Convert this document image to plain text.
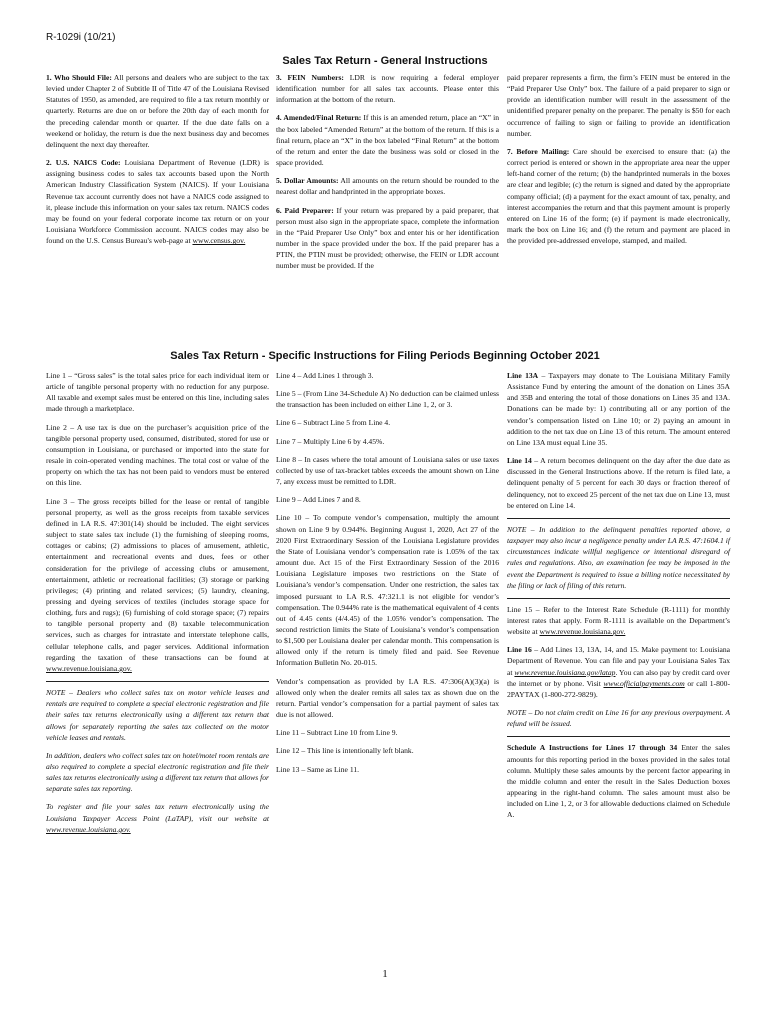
R-1029i (10/21)
Sales Tax Return - General Instructions

1. Who Should File: All persons and dealers who are subject to the tax levied under Chapter 2 of Subtitle II of Title 47 of the Louisiana Revised Statutes of 1950, as amended, are required to file a tax return monthly or quarterly. Returns are due on or before the 20th day of each month for the preceding calendar month or quarter. If the due date falls on a weekend or holiday, the return is due the next business day and becomes delinquent the next day thereafter.

2. U.S. NAICS Code: Louisiana Department of Revenue (LDR) is assigning business codes to sales tax accounts based upon the North American Industry Classification System (NAICS). If your Louisiana Revenue tax account currently does not have a NAICS code assigned to it, please include this information on your sales tax return. NAICS codes may be found on your federal corporate income tax return or on your Louisiana Workforce Commission account. NAICS codes may also be found on the U.S. Census Bureau's web-page at www.census.gov.

3. FEIN Numbers: LDR is now requiring a federal employer identification number for all sales tax accounts. Please enter this information at the bottom of the return.

4. Amended/Final Return: If this is an amended return, place an “X” in the box labeled “Amended Return” at the bottom of the return. If this is a final return, place an “X” in the box labeled “Final Return” at the bottom of the return and enter the date the business was sold or closed in the space provided.

5. Dollar Amounts: All amounts on the return should be rounded to the nearest dollar and handprinted in the appropriate boxes.

6. Paid Preparer: If your return was prepared by a paid preparer, that person must also sign in the appropriate space, complete the information in the “Paid Preparer Use Only” box and enter his or her identification number in the space provided under the box. If the paid preparer has a PTIN, the PTIN must be provided; otherwise, the FEIN or LDR account number must be provided. If the

paid preparer represents a firm, the firm’s FEIN must be entered in the “Paid Preparer Use Only” box. The failure of a paid preparer to sign or provide an identification number will result in the assessment of the unidentified preparer penalty on the preparer. The penalty is $50 for each occurrence of failing to sign or failing to provide an identification number.

7. Before Mailing: Care should be exercised to ensure that: (a) the correct period is entered or shown in the appropriate area near the upper left-hand corner of the return; (b) the handprinted numerals in the boxes are clear and legible; (c) the return is signed and dated by the appropriate company official; (d) a payment for the exact amount of tax, penalty, and interest accompanies the return and that this payment amount is properly entered on Line 16 of the form; (e) if payment is made electronically, mark the box on Line 16; and (f) the return and payment are placed in the provided pre-addressed envelope, stamped, and mailed.

Sales Tax Return - Specific Instructions for Filing Periods Beginning October 2021

Line 1 – “Gross sales” is the total sales price for each individual item or article of tangible personal property with no reduction for any purpose. All taxable and exempt sales must be entered on this line, including sales made through a marketplace.

Line 2 – A use tax is due on the purchaser’s acquisition price of the tangible personal property used, consumed, distributed, stored for use or consumption in Louisiana, or purchased or imported into the state for resale in coin-operated vending machines. The total cost or value of the property on which the tax has not been paid to vendors must be entered on this line.

Line 3 – The gross receipts billed for the lease or rental of tangible personal property, as well as the gross receipts from taxable services defined in LA R.S. 47:301(14) should be included. The eight services subject to state sales tax include (1) the furnishing of sleeping rooms, cottages or cabins; (2) admissions to places of amusement, athletic, entertainment and recreational events and dues, fees or other consideration for the privilege of accessing clubs or amusement, entertainment, athletic or recreational facilities; (3) storage or parking privileges; (4) printing and related services; (5) laundry, cleaning, pressing and dyeing services of textiles (includes storage space for clothing, furs and rugs); (6) furnishing of cold storage space; (7) repairs to tangible personal property and (8) taxable telecommunication services, such as charges for intrastate and interstate telephone calls, cellular telephone calls, and pager services. Additional information regarding the taxation of these transactions can be found at www.revenue.louisiana.gov.

NOTE – Dealers who collect sales tax on motor vehicle leases and rentals are required to complete a special electronic registration and file their sales tax returns electronically using a different tax return that allows for separately reporting the sales tax collected on the motor vehicle leases and rentals.

In addition, dealers who collect sales tax on hotel/motel room rentals are also required to complete a special electronic registration and file their sales tax returns electronically using a different tax return that allows for separate sales tax reporting.

To register and file your sales tax return electronically using the Louisiana Taxpayer Access Point (LaTAP), visit our website at www.revenue.louisiana.gov.

Line 4 – Add Lines 1 through 3.

Line 5 – (From Line 34-Schedule A) No deduction can be claimed unless the transaction has been included on either Line 1, 2, or 3.

Line 6 – Subtract Line 5 from Line 4.

Line 7 – Multiply Line 6 by 4.45%.

Line 8 – In cases where the total amount of Louisiana sales or use taxes collected by use of tax-bracket tables exceeds the amount shown on Line 7, any excess must be remitted to LDR.

Line 9 – Add Lines 7 and 8.

Line 10 – To compute vendor’s compensation, multiply the amount shown on Line 9 by 0.944%. Beginning August 1, 2020, Act 27 of the 2020 First Extraordinary Session of the Louisiana Legislature provides the State of Louisiana vendor’s compensation rate is 1.05% of the tax amount due. Act 15 of the First Extraordinary Session of the 2016 Louisiana Legislature imposes two restrictions on the State of Louisiana’s vendor’s compensation. Under one restriction, the sales tax imposed pursuant to LA R.S. 47:321.1 is not eligible for vendor’s compensation. The 0.944% rate is the mathematical equivalent of 4 cents out of 4.45 cents (4/4.45) of the 1.05% vendor’s compensation. The second restriction limits the State of Louisiana’s vendor’s compensation to $1,500 per Louisiana dealer per calendar month. This compensation is allowed only if the return is timely filed and paid. See Revenue Information Bulletin No. 20-015.

Vendor’s compensation as provided by LA R.S. 47:306(A)(3)(a) is allowed only when the dealer remits all sales tax as shown due on the return. Partial vendor’s compensation for a partial payment of sales tax due is not allowed.

Line 11 – Subtract Line 10 from Line 9.

Line 12 – This line is intentionally left blank.

Line 13 – Same as Line 11.

Line 13A – Taxpayers may donate to The Louisiana Military Family Assistance Fund by entering the amount of the donation on Lines 35A and 35B and entering the total of those donations on Lines 35 and 13A. Donations can be made by: 1) contributing all or any portion of the vendor’s compensation listed on Line 10; or 2) paying an amount in addition to the net tax due on Line 13 of this return. The amount entered on Line 13A must equal Line 35.

Line 14 – A return becomes delinquent on the day after the due date as discussed in the General Instructions above. If the return is filed late, a delinquent penalty of 5 percent for each 30 days or fraction thereof of delinquency, not to exceed 25 percent of the net tax due on Line 13, must be entered on Line 14.

NOTE – In addition to the delinquent penalties reported above, a taxpayer may also incur a negligence penalty under LA R.S. 47:1604.1 if circumstances indicate willful negligence or intentional disregard of rules and regulations. Also, an examination fee may be imposed in the event the Department is required to issue a billing notice necessitated by the filing or lack of filing of this return.

Line 15 – Refer to the Interest Rate Schedule (R-1111) for monthly interest rates that apply. Form R-1111 is available on the Department’s website at www.revenue.louisiana.gov.

Line 16 – Add Lines 13, 13A, 14, and 15. Make payment to: Louisiana Department of Revenue. You can file and pay your Louisiana Sales Tax at www.revenue.louisiana.gov/latap. You can also pay by credit card over the internet or by phone. Visit www.officialpayments.com or call 1-800-2PAYTAX (1-800-272-9829).

NOTE – Do not claim credit on Line 16 for any previous overpayment. A refund will be issued.

Schedule A Instructions for Lines 17 through 34 Enter the sales amounts for this reporting period in the boxes provided in the sales total column. Multiply these sales amounts by the percent factor appearing in the middle column and enter the result in the Sales Deduction boxes appearing in the right-hand column. The sales amount must also be included on Line 1, 2, or 3 for allowable deductions claimed on Schedule A.

1
